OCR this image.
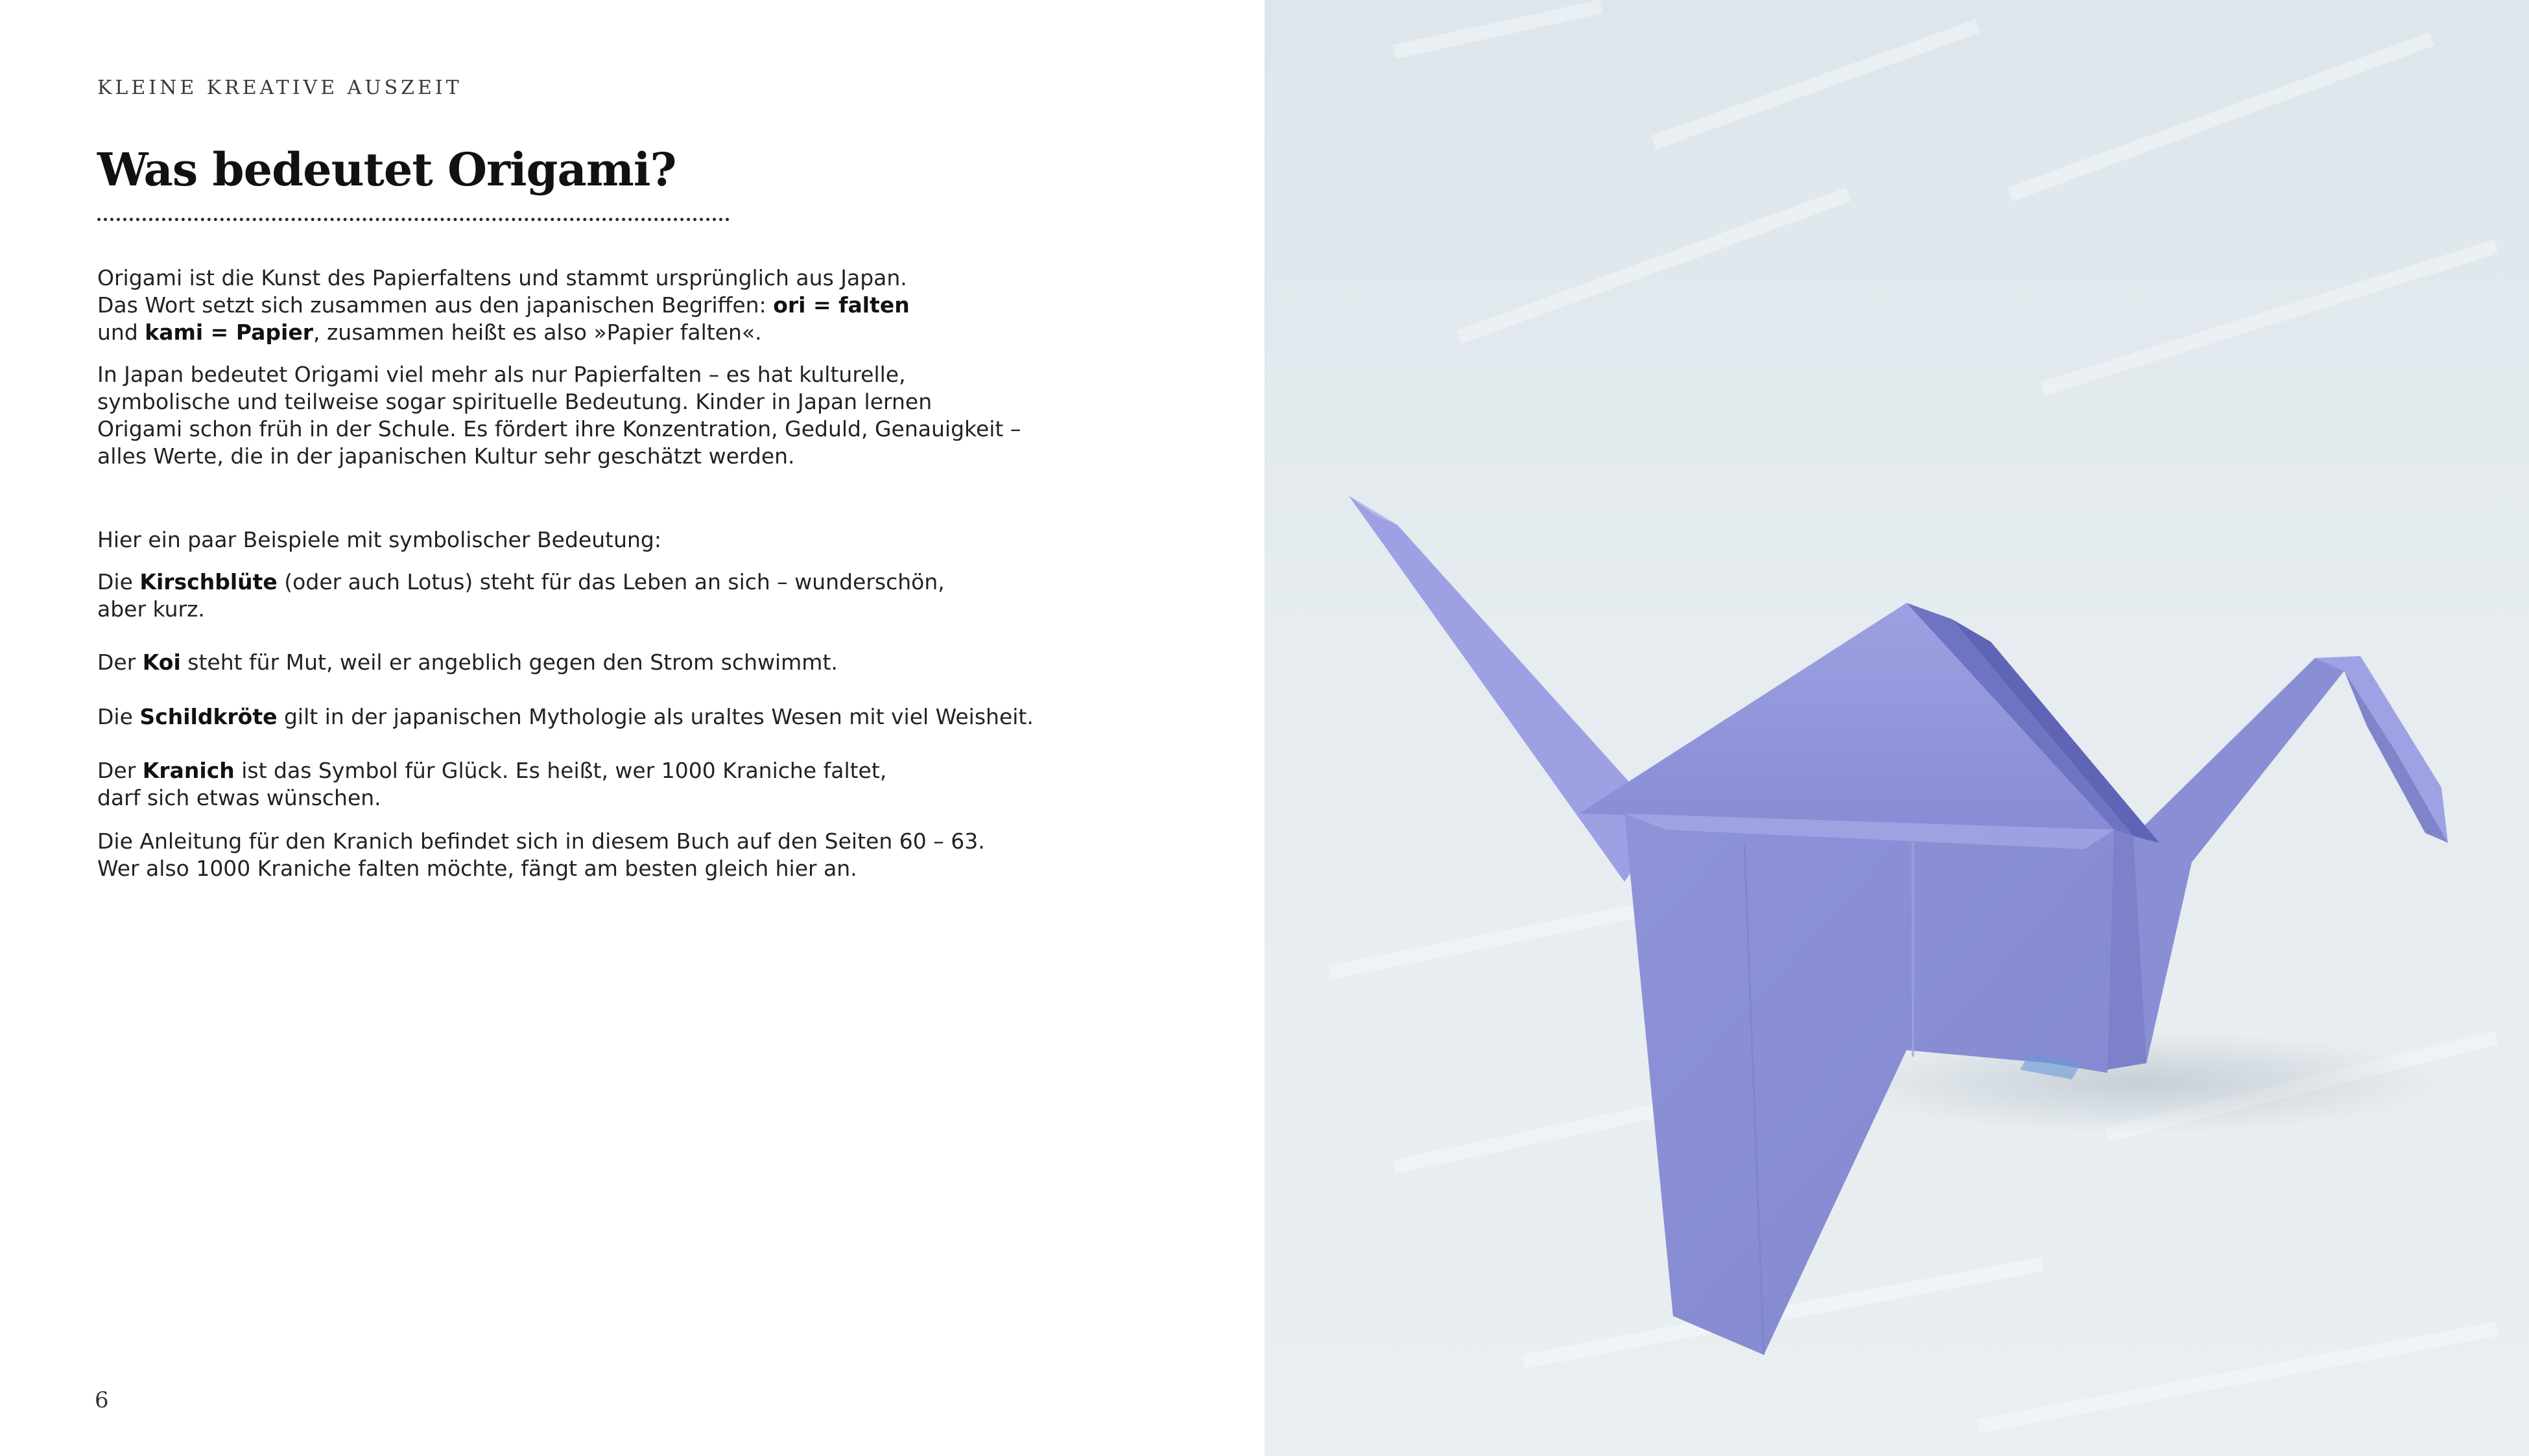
KLEINE KREATIVE AUSZEIT
Was bedeutet Origami?

Origami ist die Kunst des Papierfaltens und stammt ursprünglich aus Japan.

Das Wort setzt sich zusammen aus den japanischen Begriffen: ori = falten

und kami = Papier, zusammen heißt es also »Papier falten«.

In Japan bedeutet Origami viel mehr als nur Papierfalten – es hat kulturelle,

symbolische und teilweise sogar spirituelle Bedeutung. Kinder in Japan lernen

Origami schon früh in der Schule. Es fördert ihre Konzentration, Geduld, Genauigkeit –

alles Werte, die in der japanischen Kultur sehr geschätzt werden.

Hier ein paar Beispiele mit symbolischer Bedeutung:

Die Kirschblüte (oder auch Lotus) steht für das Leben an sich – wunderschön,

aber kurz.

Der Koi steht für Mut, weil er angeblich gegen den Strom schwimmt.

Die Schildkröte gilt in der japanischen Mythologie als uraltes Wesen mit viel Weisheit.

Der Kranich ist das Symbol für Glück. Es heißt, wer 1000 Kraniche faltet,

darf sich etwas wünschen.

Die Anleitung für den Kranich befindet sich in diesem Buch auf den Seiten 60 – 63.

Wer also 1000 Kraniche falten möchte, fängt am besten gleich hier an.

6
